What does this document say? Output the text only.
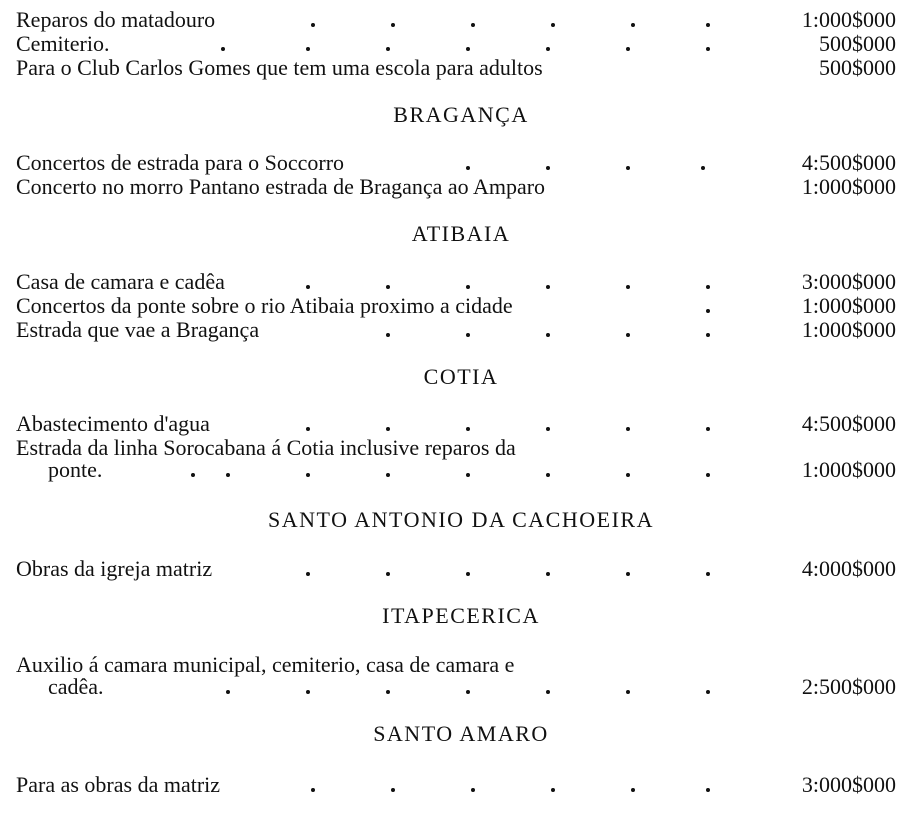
Reparos do matadouro	1:000$000
Cemiterio.	500$000
Para o Club Carlos Gomes que tem uma escola para adultos	500$000
BRAGANÇA
Concertos de estrada para o Soccorro	4:500$000
Concerto no morro Pantano estrada de Bragança ao Amparo	1:000$000
ATIBAIA
Casa de camara e cadêa	3:000$000
Concertos da ponte sobre o rio Atibaia proximo a cidade	1:000$000
Estrada que vae a Bragança	1:000$000
COTIA
Abastecimento d'agua	4:500$000
Estrada da linha Sorocabana á Cotia inclusive reparos da
ponte.	1:000$000
SANTO ANTONIO DA CACHOEIRA
Obras da igreja matriz	4:000$000
ITAPECERICA
Auxilio á camara municipal, cemiterio, casa de camara e
cadêa.	2:500$000
SANTO AMARO
Para as obras da matriz	3:000$000
